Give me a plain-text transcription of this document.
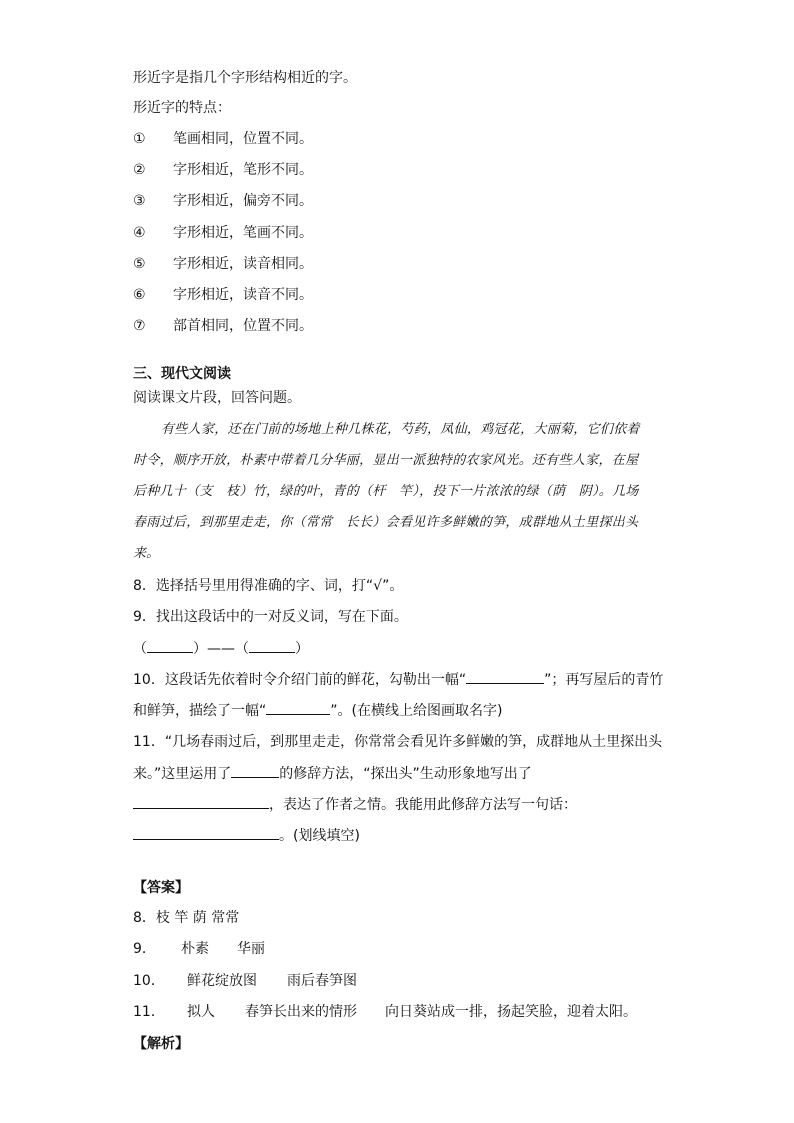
形近字是指几个字形结构相近的字。
形近字的特点：
① 笔画相同，位置不同。
② 字形相近，笔形不同。
③ 字形相近，偏旁不同。
④ 字形相近，笔画不同。
⑤ 字形相近，读音相同。
⑥ 字形相近，读音不同。
⑦ 部首相同，位置不同。
三、现代文阅读
阅读课文片段，回答问题。
有些人家，还在门前的场地上种几株花，芍药，凤仙，鸡冠花，大丽菊，它们依着
时令，顺序开放，朴素中带着几分华丽，显出一派独特的农家风光。还有些人家，在屋
后种几十（支　枝）竹，绿的叶，青的（杆　竿），投下一片浓浓的绿（荫　阴）。几场
春雨过后，到那里走走，你（常常　长长）会看见许多鲜嫩的笋，成群地从土里探出头
来。
8．选择括号里用得准确的字、词，打“√”。
9．找出这段话中的一对反义词，写在下面。
（	）——（	）
10．这段话先依着时令介绍门前的鲜花，勾勒出一幅“	”；再写屋后的青竹
和鲜笋，描绘了一幅“	”。(在横线上给图画取名字)
11．“几场春雨过后，到那里走走，你常常会看见许多鲜嫩的笋，成群地从土里探出头
来。”这里运用了	的修辞方法，“探出头”生动形象地写出了
，表达了作者之情。我能用此修辞方法写一句话：
。(划线填空)
【答案】
8．枝 竿 荫 常常
9． 朴素 华丽
10． 鲜花绽放图 雨后春笋图
11． 拟人 春笋长出来的情形 向日葵站成一排，扬起笑脸，迎着太阳。
【解析】
